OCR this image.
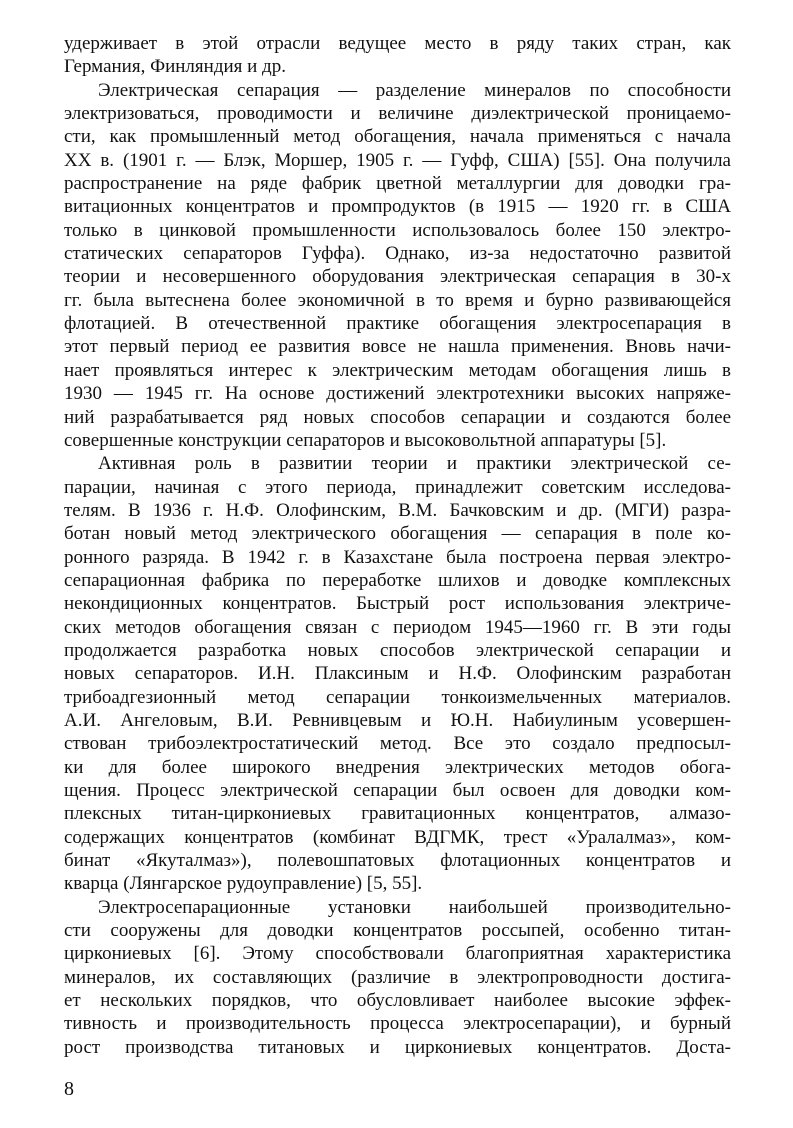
удерживает в этой отрасли ведущее место в ряду таких стран, как
Германия, Финляндия и др.
Электрическая сепарация — разделение минералов по способности
электризоваться, проводимости и величине диэлектрической проницаемо-
сти, как промышленный метод обогащения, начала применяться с начала
XX в. (1901 г. — Блэк, Моршер, 1905 г. — Гуфф, США) [55]. Она получила
распространение на ряде фабрик цветной металлургии для доводки гра-
витационных концентратов и промпродуктов (в 1915 — 1920 гг. в США
только в цинковой промышленности использовалось более 150 электро-
статических сепараторов Гуффа). Однако, из-за недостаточно развитой
теории и несовершенного оборудования электрическая сепарация в 30-х
гг. была вытеснена более экономичной в то время и бурно развивающейся
флотацией. В отечественной практике обогащения электросепарация в
этот первый период ее развития вовсе не нашла применения. Вновь начи-
нает проявляться интерес к электрическим методам обогащения лишь в
1930 — 1945 гг. На основе достижений электротехники высоких напряже-
ний разрабатывается ряд новых способов сепарации и создаются более
совершенные конструкции сепараторов и высоковольтной аппаратуры [5].
Активная роль в развитии теории и практики электрической се-
парации, начиная с этого периода, принадлежит советским исследова-
телям. В 1936 г. Н.Ф. Олофинским, В.М. Бачковским и др. (МГИ) разра-
ботан новый метод электрического обогащения — сепарация в поле ко-
ронного разряда. В 1942 г. в Казахстане была построена первая электро-
сепарационная фабрика по переработке шлихов и доводке комплексных
некондиционных концентратов. Быстрый рост использования электриче-
ских методов обогащения связан с периодом 1945—1960 гг. В эти годы
продолжается разработка новых способов электрической сепарации и
новых сепараторов. И.Н. Плаксиным и Н.Ф. Олофинским разработан
трибоадгезионный метод сепарации тонкоизмельченных материалов.
А.И. Ангеловым, В.И. Ревнивцевым и Ю.Н. Набиулиным усовершен-
ствован трибоэлектростатический метод. Все это создало предпосыл-
ки для более широкого внедрения электрических методов обога-
щения. Процесс электрической сепарации был освоен для доводки ком-
плексных титан-циркониевых гравитационных концентратов, алмазо-
содержащих концентратов (комбинат ВДГМК, трест «Уралалмаз», ком-
бинат «Якуталмаз»), полевошпатовых флотационных концентратов и
кварца (Лянгарское рудоуправление) [5, 55].
Электросепарационные установки наибольшей производительно-
сти сооружены для доводки концентратов россыпей, особенно титан-
циркониевых [6]. Этому способствовали благоприятная характеристика
минералов, их составляющих (различие в электропроводности достига-
ет нескольких порядков, что обусловливает наиболее высокие эффек-
тивность и производительность процесса электросепарации), и бурный
рост производства титановых и циркониевых концентратов. Доста-
8
